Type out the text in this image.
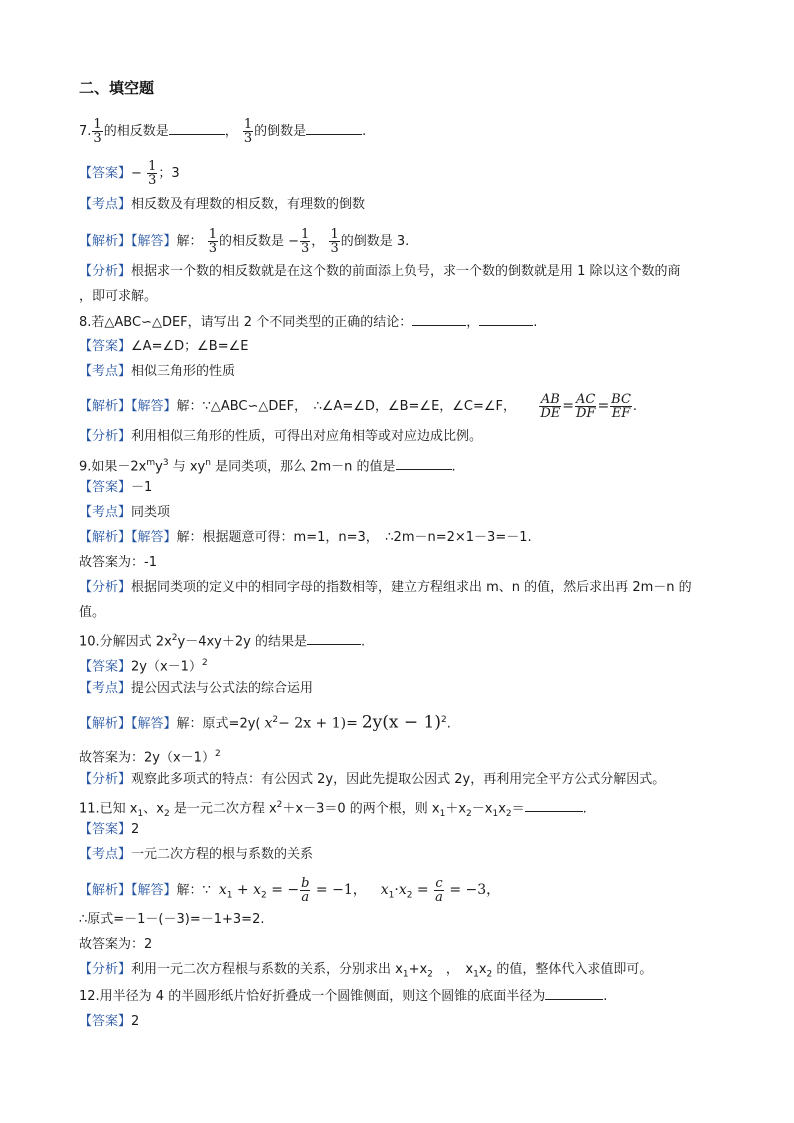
二、填空题
7. $\frac{1}{3}$ 的相反数是	， $\frac{1}{3}$ 的倒数是	.
【答案】− $\frac{1}{3}$ ；3
【考点】相反数及有理数的相反数，有理数的倒数
【解析】【解答】解： $\frac{1}{3}$ 的相反数是 − $\frac{1}{3}$ ， $\frac{1}{3}$ 的倒数是 3.
【分析】根据求一个数的相反数就是在这个数的前面添上负号，求一个数的倒数就是用 1 除以这个数的商
，即可求解。
8.若△ABC∽△DEF，请写出 2 个不同类型的正确的结论：	，	.
【答案】∠A=∠D；∠B=∠E
【考点】相似三角形的性质
【解析】【解答】解：∵△ABC∽△DEF，　∴∠A=∠D，∠B=∠E，∠C=∠F， $\frac{AB}{DE} = \frac{AC}{DF} = \frac{BC}{EF}$ .
【分析】利用相似三角形的性质，可得出对应角相等或对应边成比例。
9.如果$-2x^my^3$ 与 $xy^n$ 是同类项，那么 2m－n 的值是	.
【答案】－1
【考点】同类项
【解析】【解答】解：根据题意可得：m=1，n=3，　∴2m－n=2×1－3=－1.
故答案为：-1
【分析】根据同类项的定义中的相同字母的指数相等，建立方程组求出 m、n 的值，然后求出再 2m－n 的
值。
10.分解因式 $2x^2y-4xy+2y$ 的结果是	.
【答案】$2y(x-1)^2$
【考点】提公因式法与公式法的综合运用
【解析】【解答】解：原式=2y( $x^2- 2x + 1)= 2y(x - 1)^2$.
故答案为：$2y(x-1)^2$
【分析】观察此多项式的特点：有公因式 2y，因此先提取公因式 2y，再利用完全平方公式分解因式。
11.已知 $x_1$、$x_2$ 是一元二次方程 $x^2+x-3=0$ 的两个根，则 $x_1+x_2-x_1x_2=$	.
【答案】2
【考点】一元二次方程的根与系数的关系
【解析】【解答】解：∵ $x_1 + x_2$ = − $\frac{b}{a} = -1$， $x_1\cdot x_2 = \frac{c}{a} = -3$，
∴原式=－1－(－3)=－1+3=2.
故答案为：2
【分析】利用一元二次方程根与系数的关系，分别求出 $x_1+x_2$　，　$x_1x_2$ 的值，整体代入求值即可。
12.用半径为 4 的半圆形纸片恰好折叠成一个圆锥侧面，则这个圆锥的底面半径为	.
【答案】2
